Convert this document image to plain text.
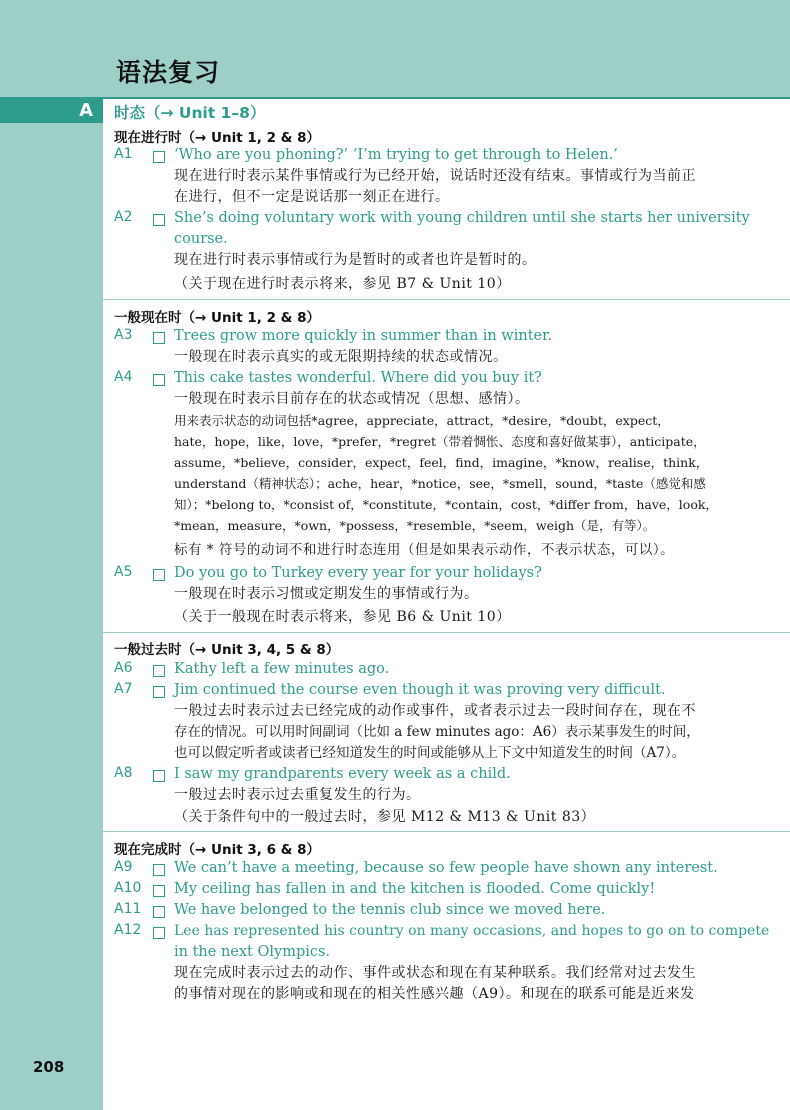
语法复习
A 时态（→ Unit 1–8）
208
现在进行时（→ Unit 1, 2 & 8）
A1	‘Who are you phoning?’ ‘I’m trying to get through to Helen.’
现在进行时表示某件事情或行为已经开始，说话时还没有结束。事情或行为当前正
在进行，但不一定是说话那一刻正在进行。
A2	She’s doing voluntary work with young children until she starts her university
course.
现在进行时表示事情或行为是暂时的或者也许是暂时的。
（关于现在进行时表示将来，参见 B7 & Unit 10）
一般现在时（→ Unit 1, 2 & 8）
A3	Trees grow more quickly in summer than in winter.
一般现在时表示真实的或无限期持续的状态或情况。
A4	This cake tastes wonderful. Where did you buy it?
一般现在时表示目前存在的状态或情况（思想、感情）。
用来表示状态的动词包括*agree，appreciate，attract，*desire，*doubt，expect，
hate，hope，like，love，*prefer，*regret（带着惆怅、态度和喜好做某事），anticipate，
assume，*believe，consider，expect，feel，find，imagine，*know，realise，think，
understand（精神状态）；ache，hear，*notice，see，*smell，sound，*taste（感觉和感
知）；*belong to，*consist of，*constitute，*contain，cost，*differ from，have，look，
*mean，measure，*own，*possess，*resemble，*seem，weigh（是，有等）。
标有 * 符号的动词不和进行时态连用（但是如果表示动作，不表示状态，可以）。
A5	Do you go to Turkey every year for your holidays?
一般现在时表示习惯或定期发生的事情或行为。
（关于一般现在时表示将来，参见 B6 & Unit 10）
一般过去时（→ Unit 3, 4, 5 & 8）
A6	Kathy left a few minutes ago.
A7	Jim continued the course even though it was proving very difficult.
一般过去时表示过去已经完成的动作或事件，或者表示过去一段时间存在，现在不
存在的情况。可以用时间副词（比如 a few minutes ago：A6）表示某事发生的时间，
也可以假定听者或读者已经知道发生的时间或能够从上下文中知道发生的时间（A7）。
A8	I saw my grandparents every week as a child.
一般过去时表示过去重复发生的行为。
（关于条件句中的一般过去时，参见 M12 & M13 & Unit 83）
现在完成时（→ Unit 3, 6 & 8）
A9	We can’t have a meeting, because so few people have shown any interest.
A10 My ceiling has fallen in and the kitchen is flooded. Come quickly!
A11 We have belonged to the tennis club since we moved here.
A12 Lee has represented his country on many occasions, and hopes to go on to compete
in the next Olympics.
现在完成时表示过去的动作、事件或状态和现在有某种联系。我们经常对过去发生
的事情对现在的影响或和现在的相关性感兴趣（A9）。和现在的联系可能是近来发
